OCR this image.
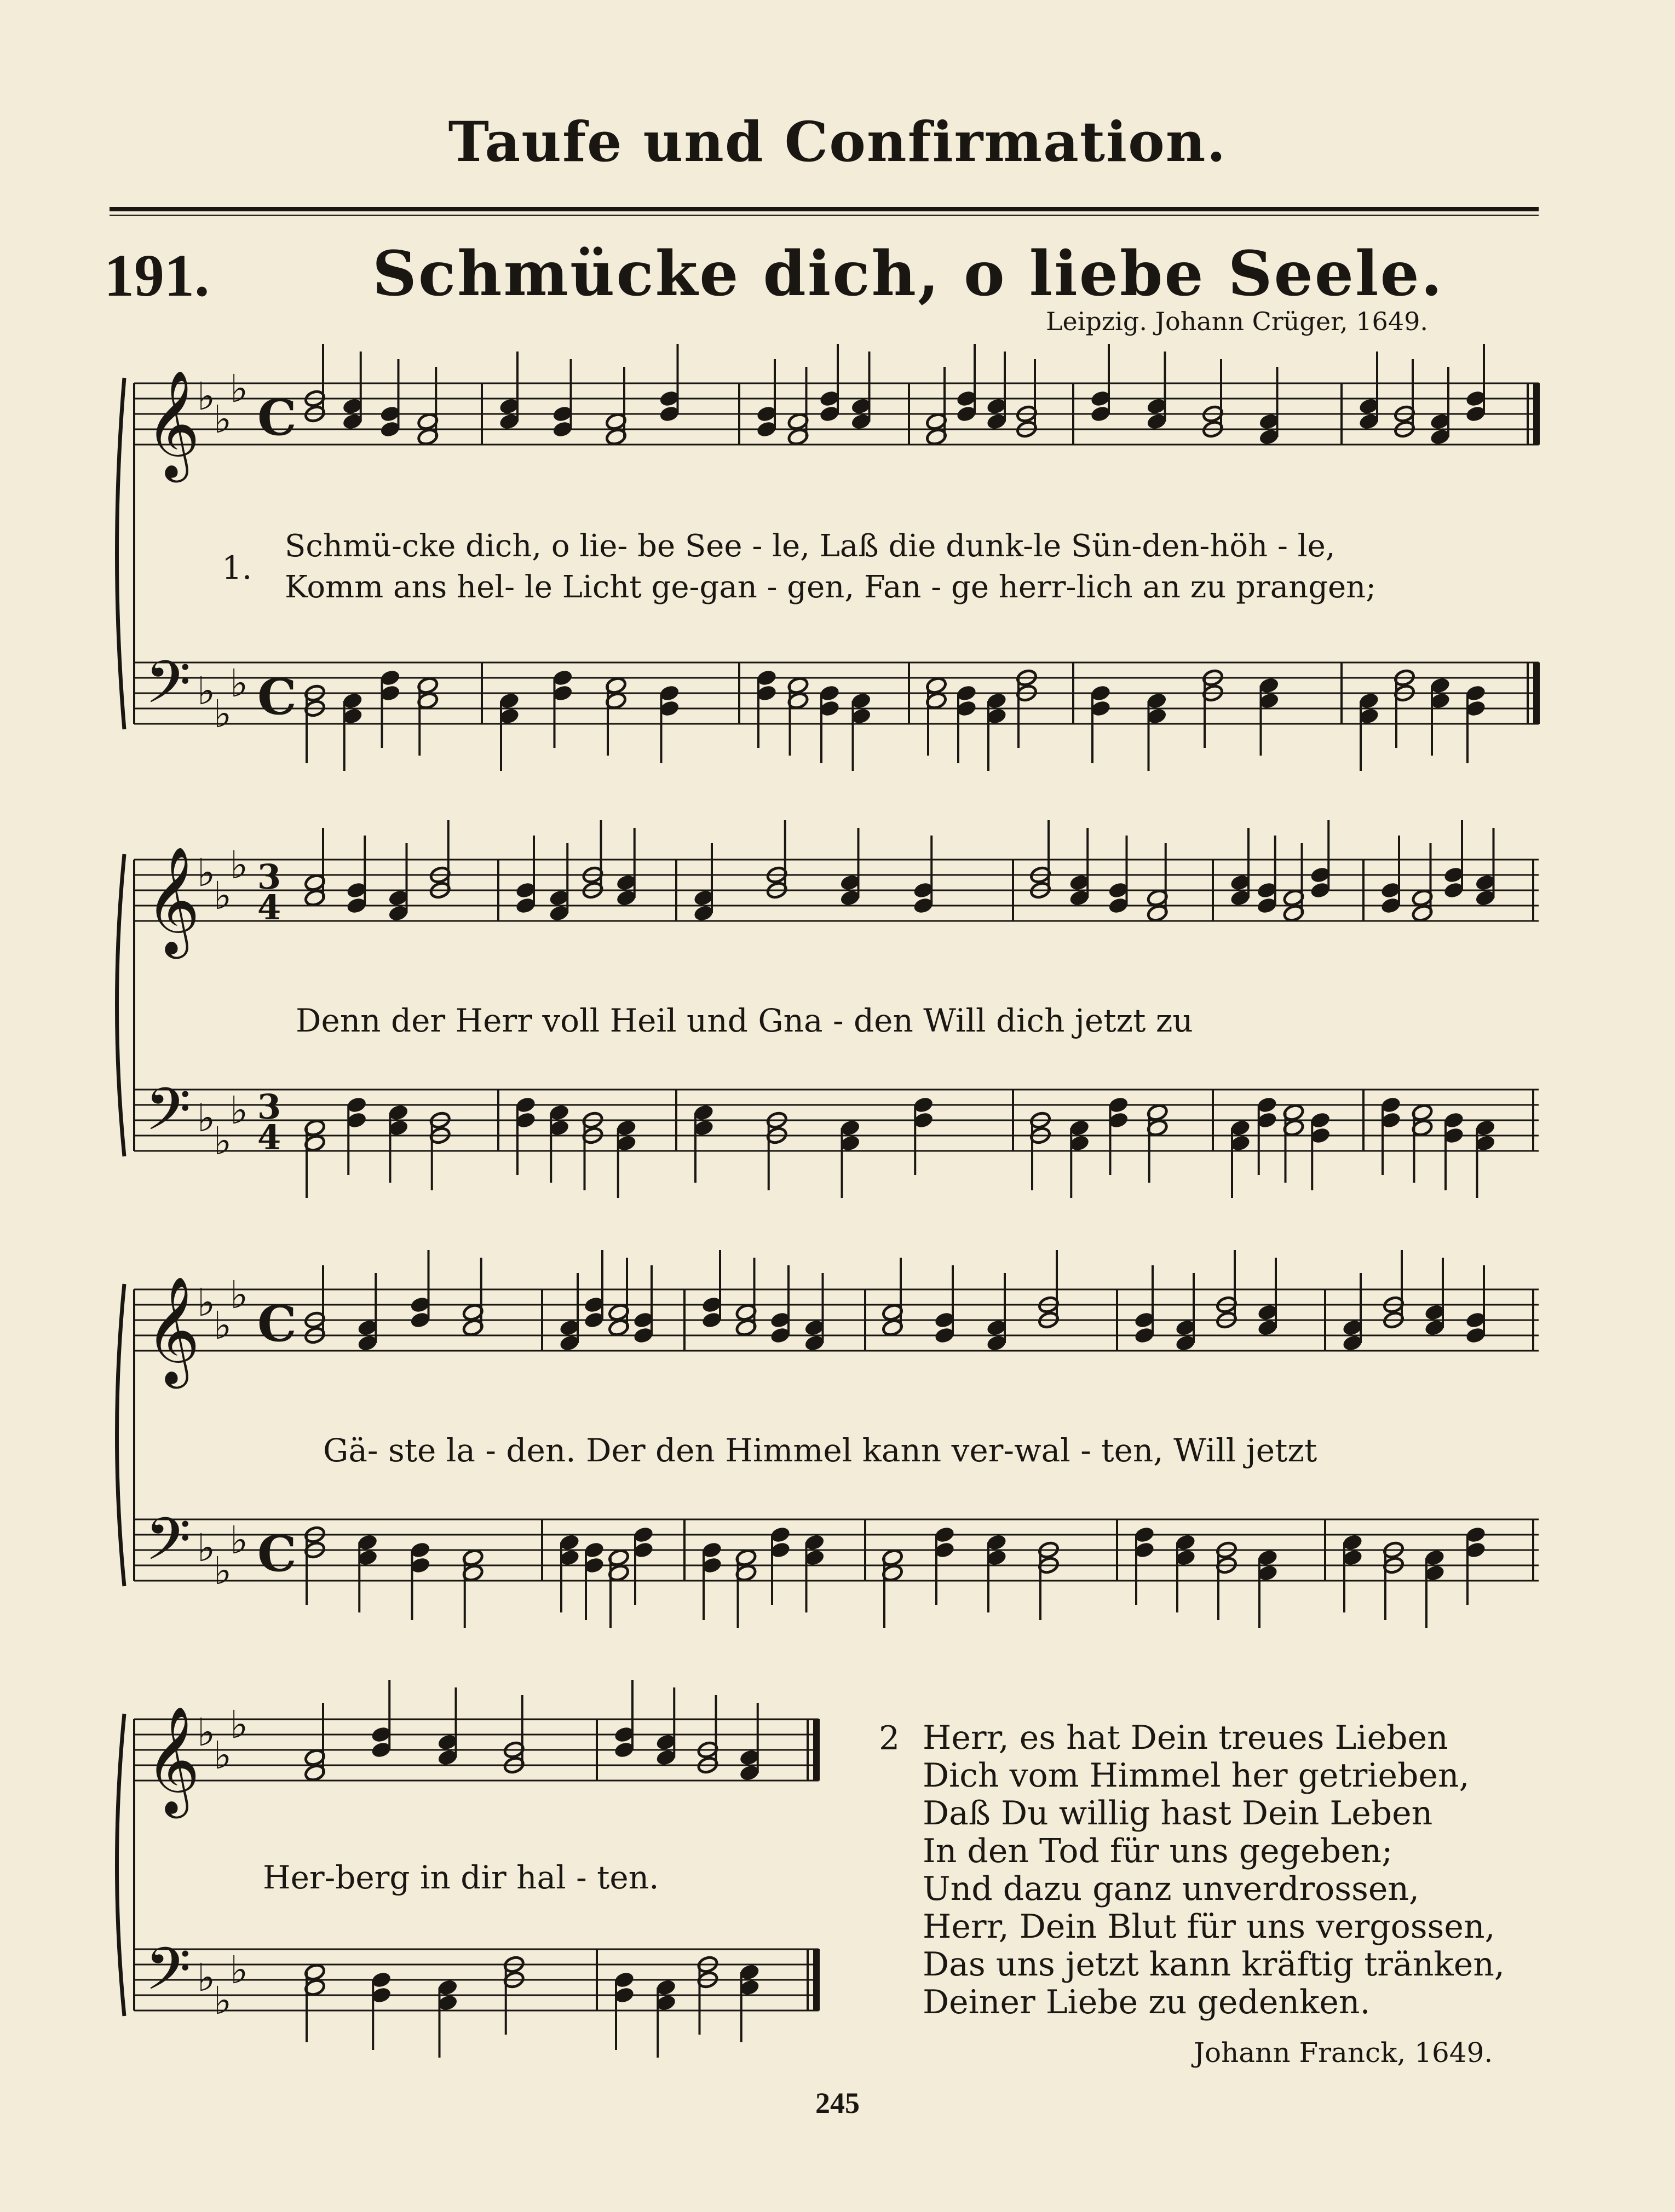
Taufe und Confirmation.
191.	Schmücke dich, o liebe Seele.
Leipzig. Johann Crüger, 1649.
𝄞
𝄢
♭
♭
♭
♭
♭
♭
C
C
𝄞
𝄢
♭
♭
♭
♭
♭
♭
3
4
3
4
𝄞
𝄢
♭
♭
♭
♭
♭
♭
C
C
𝄞
𝄢
♭
♭
♭
♭
♭
♭
1.
Schmü-cke dich, o lie- be See - le, Laß die dunk-le Sün-den-höh - le,
Komm ans hel- le Licht ge-gan - gen, Fan - ge herr-lich an zu prangen;
Denn der Herr voll Heil und Gna - den Will dich jetzt zu
Gä- ste la - den. Der den Himmel kann ver-wal - ten, Will jetzt
Her-berg in dir hal - ten.
2 Herr, es hat Dein treues Lieben
Dich vom Himmel her getrieben,
Daß Du willig hast Dein Leben
In den Tod für uns gegeben;
Und dazu ganz unverdrossen,
Herr, Dein Blut für uns vergossen,
Das uns jetzt kann kräftig tränken,
Deiner Liebe zu gedenken.
Johann Franck, 1649.
245
